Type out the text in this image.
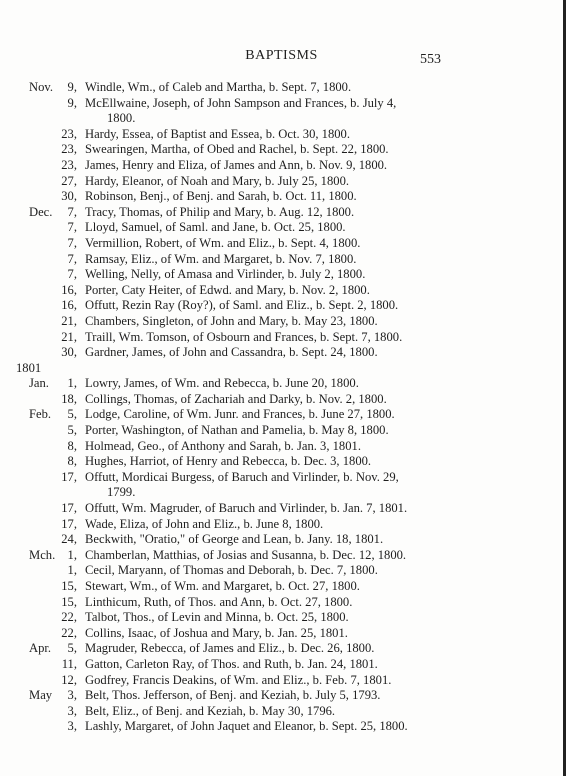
BAPTISMS	553
Nov. 9, Windle, Wm., of Caleb and Martha, b. Sept. 7, 1800.
9, McEllwaine, Joseph, of John Sampson and Frances, b. July 4,
1800.
23, Hardy, Essea, of Baptist and Essea, b. Oct. 30, 1800.
23, Swearingen, Martha, of Obed and Rachel, b. Sept. 22, 1800.
23, James, Henry and Eliza, of James and Ann, b. Nov. 9, 1800.
27, Hardy, Eleanor, of Noah and Mary, b. July 25, 1800.
30, Robinson, Benj., of Benj. and Sarah, b. Oct. 11, 1800.
Dec. 7, Tracy, Thomas, of Philip and Mary, b. Aug. 12, 1800.
7, Lloyd, Samuel, of Saml. and Jane, b. Oct. 25, 1800.
7, Vermillion, Robert, of Wm. and Eliz., b. Sept. 4, 1800.
7, Ramsay, Eliz., of Wm. and Margaret, b. Nov. 7, 1800.
7, Welling, Nelly, of Amasa and Virlinder, b. July 2, 1800.
16, Porter, Caty Heiter, of Edwd. and Mary, b. Nov. 2, 1800.
16, Offutt, Rezin Ray (Roy?), of Saml. and Eliz., b. Sept. 2, 1800.
21, Chambers, Singleton, of John and Mary, b. May 23, 1800.
21, Traill, Wm. Tomson, of Osbourn and Frances, b. Sept. 7, 1800.
30, Gardner, James, of John and Cassandra, b. Sept. 24, 1800.
1801
Jan. 1, Lowry, James, of Wm. and Rebecca, b. June 20, 1800.
18, Collings, Thomas, of Zachariah and Darky, b. Nov. 2, 1800.
Feb. 5, Lodge, Caroline, of Wm. Junr. and Frances, b. June 27, 1800.
5, Porter, Washington, of Nathan and Pamelia, b. May 8, 1800.
8, Holmead, Geo., of Anthony and Sarah, b. Jan. 3, 1801.
8, Hughes, Harriot, of Henry and Rebecca, b. Dec. 3, 1800.
17, Offutt, Mordicai Burgess, of Baruch and Virlinder, b. Nov. 29,
1799.
17, Offutt, Wm. Magruder, of Baruch and Virlinder, b. Jan. 7, 1801.
17, Wade, Eliza, of John and Eliz., b. June 8, 1800.
24, Beckwith, "Oratio," of George and Lean, b. Jany. 18, 1801.
Mch. 1, Chamberlan, Matthias, of Josias and Susanna, b. Dec. 12, 1800.
1, Cecil, Maryann, of Thomas and Deborah, b. Dec. 7, 1800.
15, Stewart, Wm., of Wm. and Margaret, b. Oct. 27, 1800.
15, Linthicum, Ruth, of Thos. and Ann, b. Oct. 27, 1800.
22, Talbot, Thos., of Levin and Minna, b. Oct. 25, 1800.
22, Collins, Isaac, of Joshua and Mary, b. Jan. 25, 1801.
Apr. 5, Magruder, Rebecca, of James and Eliz., b. Dec. 26, 1800.
11, Gatton, Carleton Ray, of Thos. and Ruth, b. Jan. 24, 1801.
12, Godfrey, Francis Deakins, of Wm. and Eliz., b. Feb. 7, 1801.
May 3, Belt, Thos. Jefferson, of Benj. and Keziah, b. July 5, 1793.
3, Belt, Eliz., of Benj. and Keziah, b. May 30, 1796.
3, Lashly, Margaret, of John Jaquet and Eleanor, b. Sept. 25, 1800.
